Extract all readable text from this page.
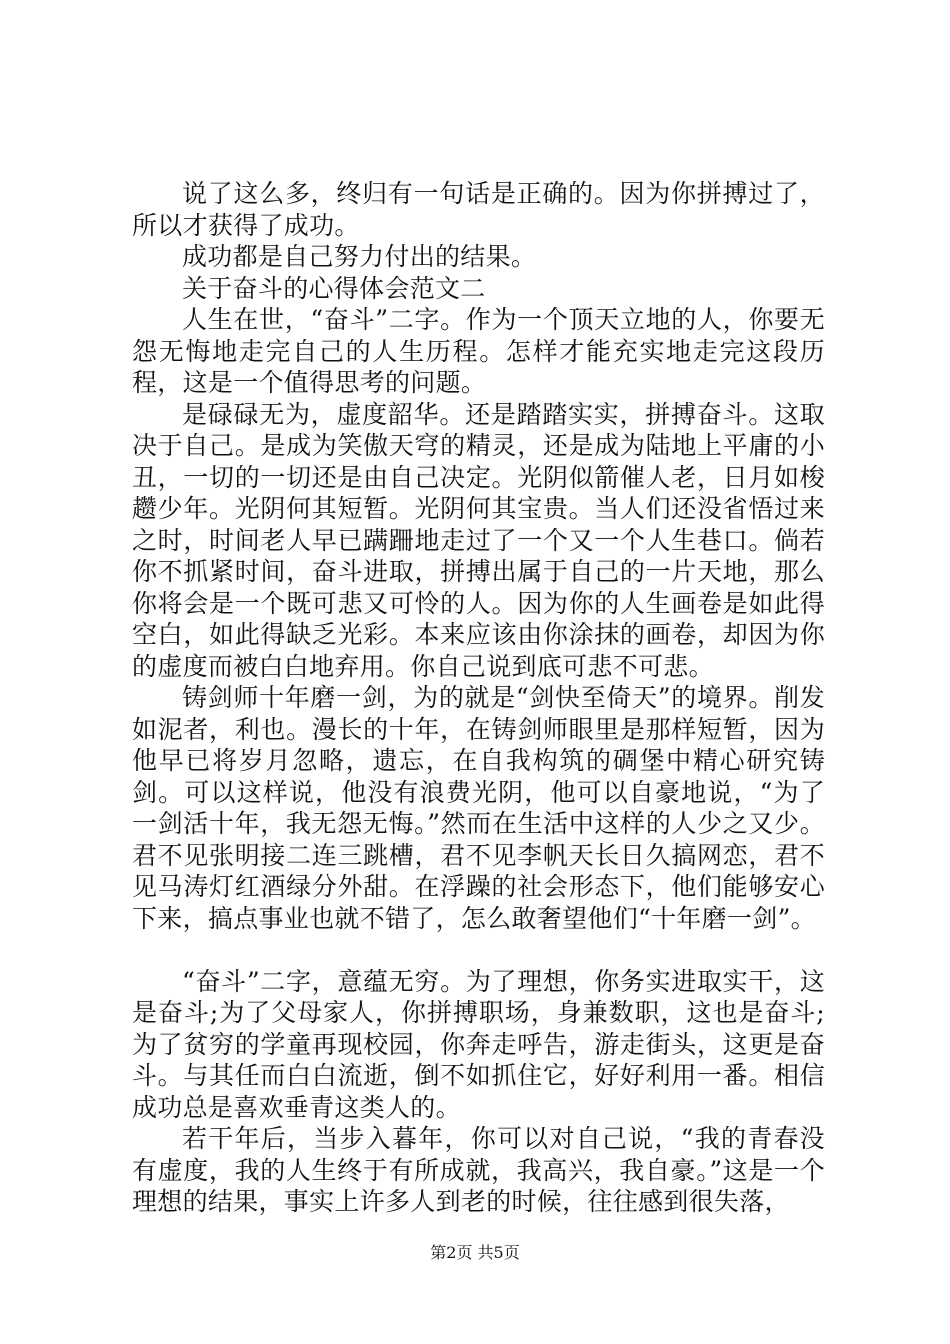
说了这么多，终归有一句话是正确的。因为你拼搏过了，所以才获得了成功。

成功都是自己努力付出的结果。

关于奋斗的心得体会范文二

人生在世，“奋斗”二字。作为一个顶天立地的人，你要无怨无悔地走完自己的人生历程。怎样才能充实地走完这段历程，这是一个值得思考的问题。

是碌碌无为，虚度韶华。还是踏踏实实，拼搏奋斗。这取决于自己。是成为笑傲天穹的精灵，还是成为陆地上平庸的小丑，一切的一切还是由自己决定。光阴似箭催人老，日月如梭趱少年。光阴何其短暂。光阴何其宝贵。当人们还没省悟过来之时，时间老人早已蹒跚地走过了一个又一个人生巷口。倘若你不抓紧时间，奋斗进取，拼搏出属于自己的一片天地，那么你将会是一个既可悲又可怜的人。因为你的人生画卷是如此得空白，如此得缺乏光彩。本来应该由你涂抹的画卷，却因为你的虚度而被白白地弃用。你自己说到底可悲不可悲。

铸剑师十年磨一剑，为的就是“剑快至倚天”的境界。削发如泥者，利也。漫长的十年，在铸剑师眼里是那样短暂，因为他早已将岁月忽略，遗忘，在自我构筑的碉堡中精心研究铸剑。可以这样说，他没有浪费光阴，他可以自豪地说，“为了一剑活十年，我无怨无悔。”然而在生活中这样的人少之又少。君不见张明接二连三跳槽，君不见李帆天长日久搞网恋，君不见马涛灯红酒绿分外甜。在浮躁的社会形态下，他们能够安心下来，搞点事业也就不错了，怎么敢奢望他们“十年磨一剑”。

“奋斗”二字，意蕴无穷。为了理想，你务实进取实干，这是奋斗;为了父母家人，你拼搏职场，身兼数职，这也是奋斗;为了贫穷的学童再现校园，你奔走呼告，游走街头，这更是奋斗。与其任而白白流逝，倒不如抓住它，好好利用一番。相信成功总是喜欢垂青这类人的。

若干年后，当步入暮年，你可以对自己说，“我的青春没有虚度，我的人生终于有所成就，我高兴，我自豪。”这是一个理想的结果，事实上许多人到老的时候，往往感到很失落，

第2页 共5页
